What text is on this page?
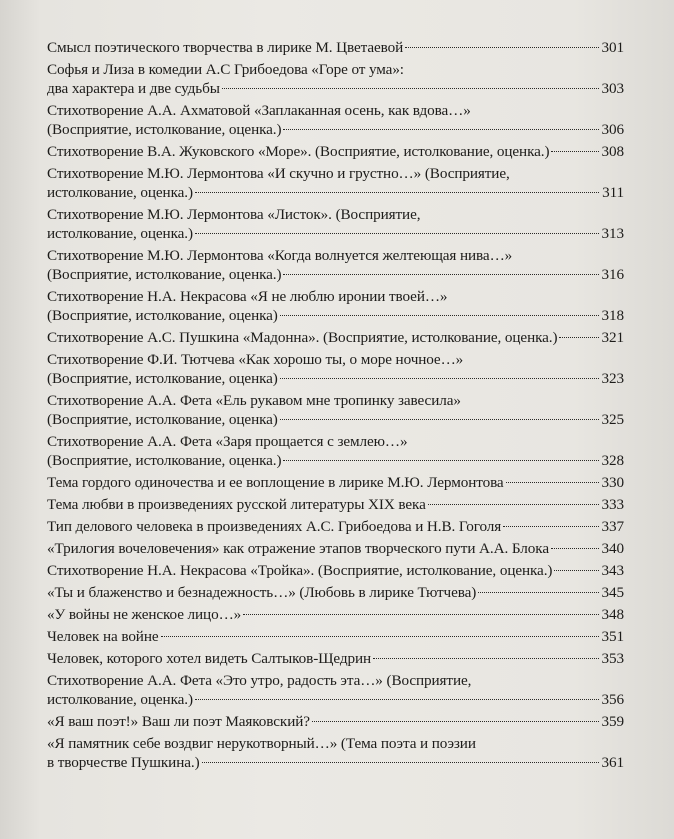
Смысл поэтического творчества в лирике М. Цветаевой	301
Софья и Лиза в комедии А.С Грибоедова «Горе от ума»:
два характера и две судьбы	303
Стихотворение А.А. Ахматовой «Заплаканная осень, как вдова…»
(Восприятие, истолкование, оценка.)	306
Стихотворение В.А. Жуковского «Море». (Восприятие, истолкование, оценка.)	308
Стихотворение М.Ю. Лермонтова «И скучно и грустно…» (Восприятие,
истолкование, оценка.)	311
Стихотворение М.Ю. Лермонтова «Листок». (Восприятие,
истолкование, оценка.)	313
Стихотворение М.Ю. Лермонтова «Когда волнуется желтеющая нива…»
(Восприятие, истолкование, оценка.)	316
Стихотворение Н.А. Некрасова «Я не люблю иронии твоей…»
(Восприятие, истолкование, оценка)	318
Стихотворение А.С. Пушкина «Мадонна». (Восприятие, истолкование, оценка.)	321
Стихотворение Ф.И. Тютчева «Как хорошо ты, о море ночное…»
(Восприятие, истолкование, оценка)	323
Стихотворение А.А. Фета «Ель рукавом мне тропинку завесила»
(Восприятие, истолкование, оценка)	325
Стихотворение А.А. Фета «Заря прощается с землею…»
(Восприятие, истолкование, оценка.)	328
Тема гордого одиночества и ее воплощение в лирике М.Ю. Лермонтова	330
Тема любви в произведениях русской литературы XIX века	333
Тип делового человека в произведениях А.С. Грибоедова и Н.В. Гоголя	337
«Трилогия вочеловечения» как отражение этапов творческого пути А.А. Блока	340
Стихотворение Н.А. Некрасова «Тройка». (Восприятие, истолкование, оценка.)	343
«Ты и блаженство и безнадежность…» (Любовь в лирике Тютчева)	345
«У войны не женское лицо…»	348
Человек на войне	351
Человек, которого хотел видеть Салтыков-Щедрин	353
Стихотворение А.А. Фета «Это утро, радость эта…» (Восприятие,
истолкование, оценка.)	356
«Я ваш поэт!» Ваш ли поэт Маяковский?	359
«Я памятник себе воздвиг нерукотворный…» (Тема поэта и поэзии
в творчестве Пушкина.)	361
